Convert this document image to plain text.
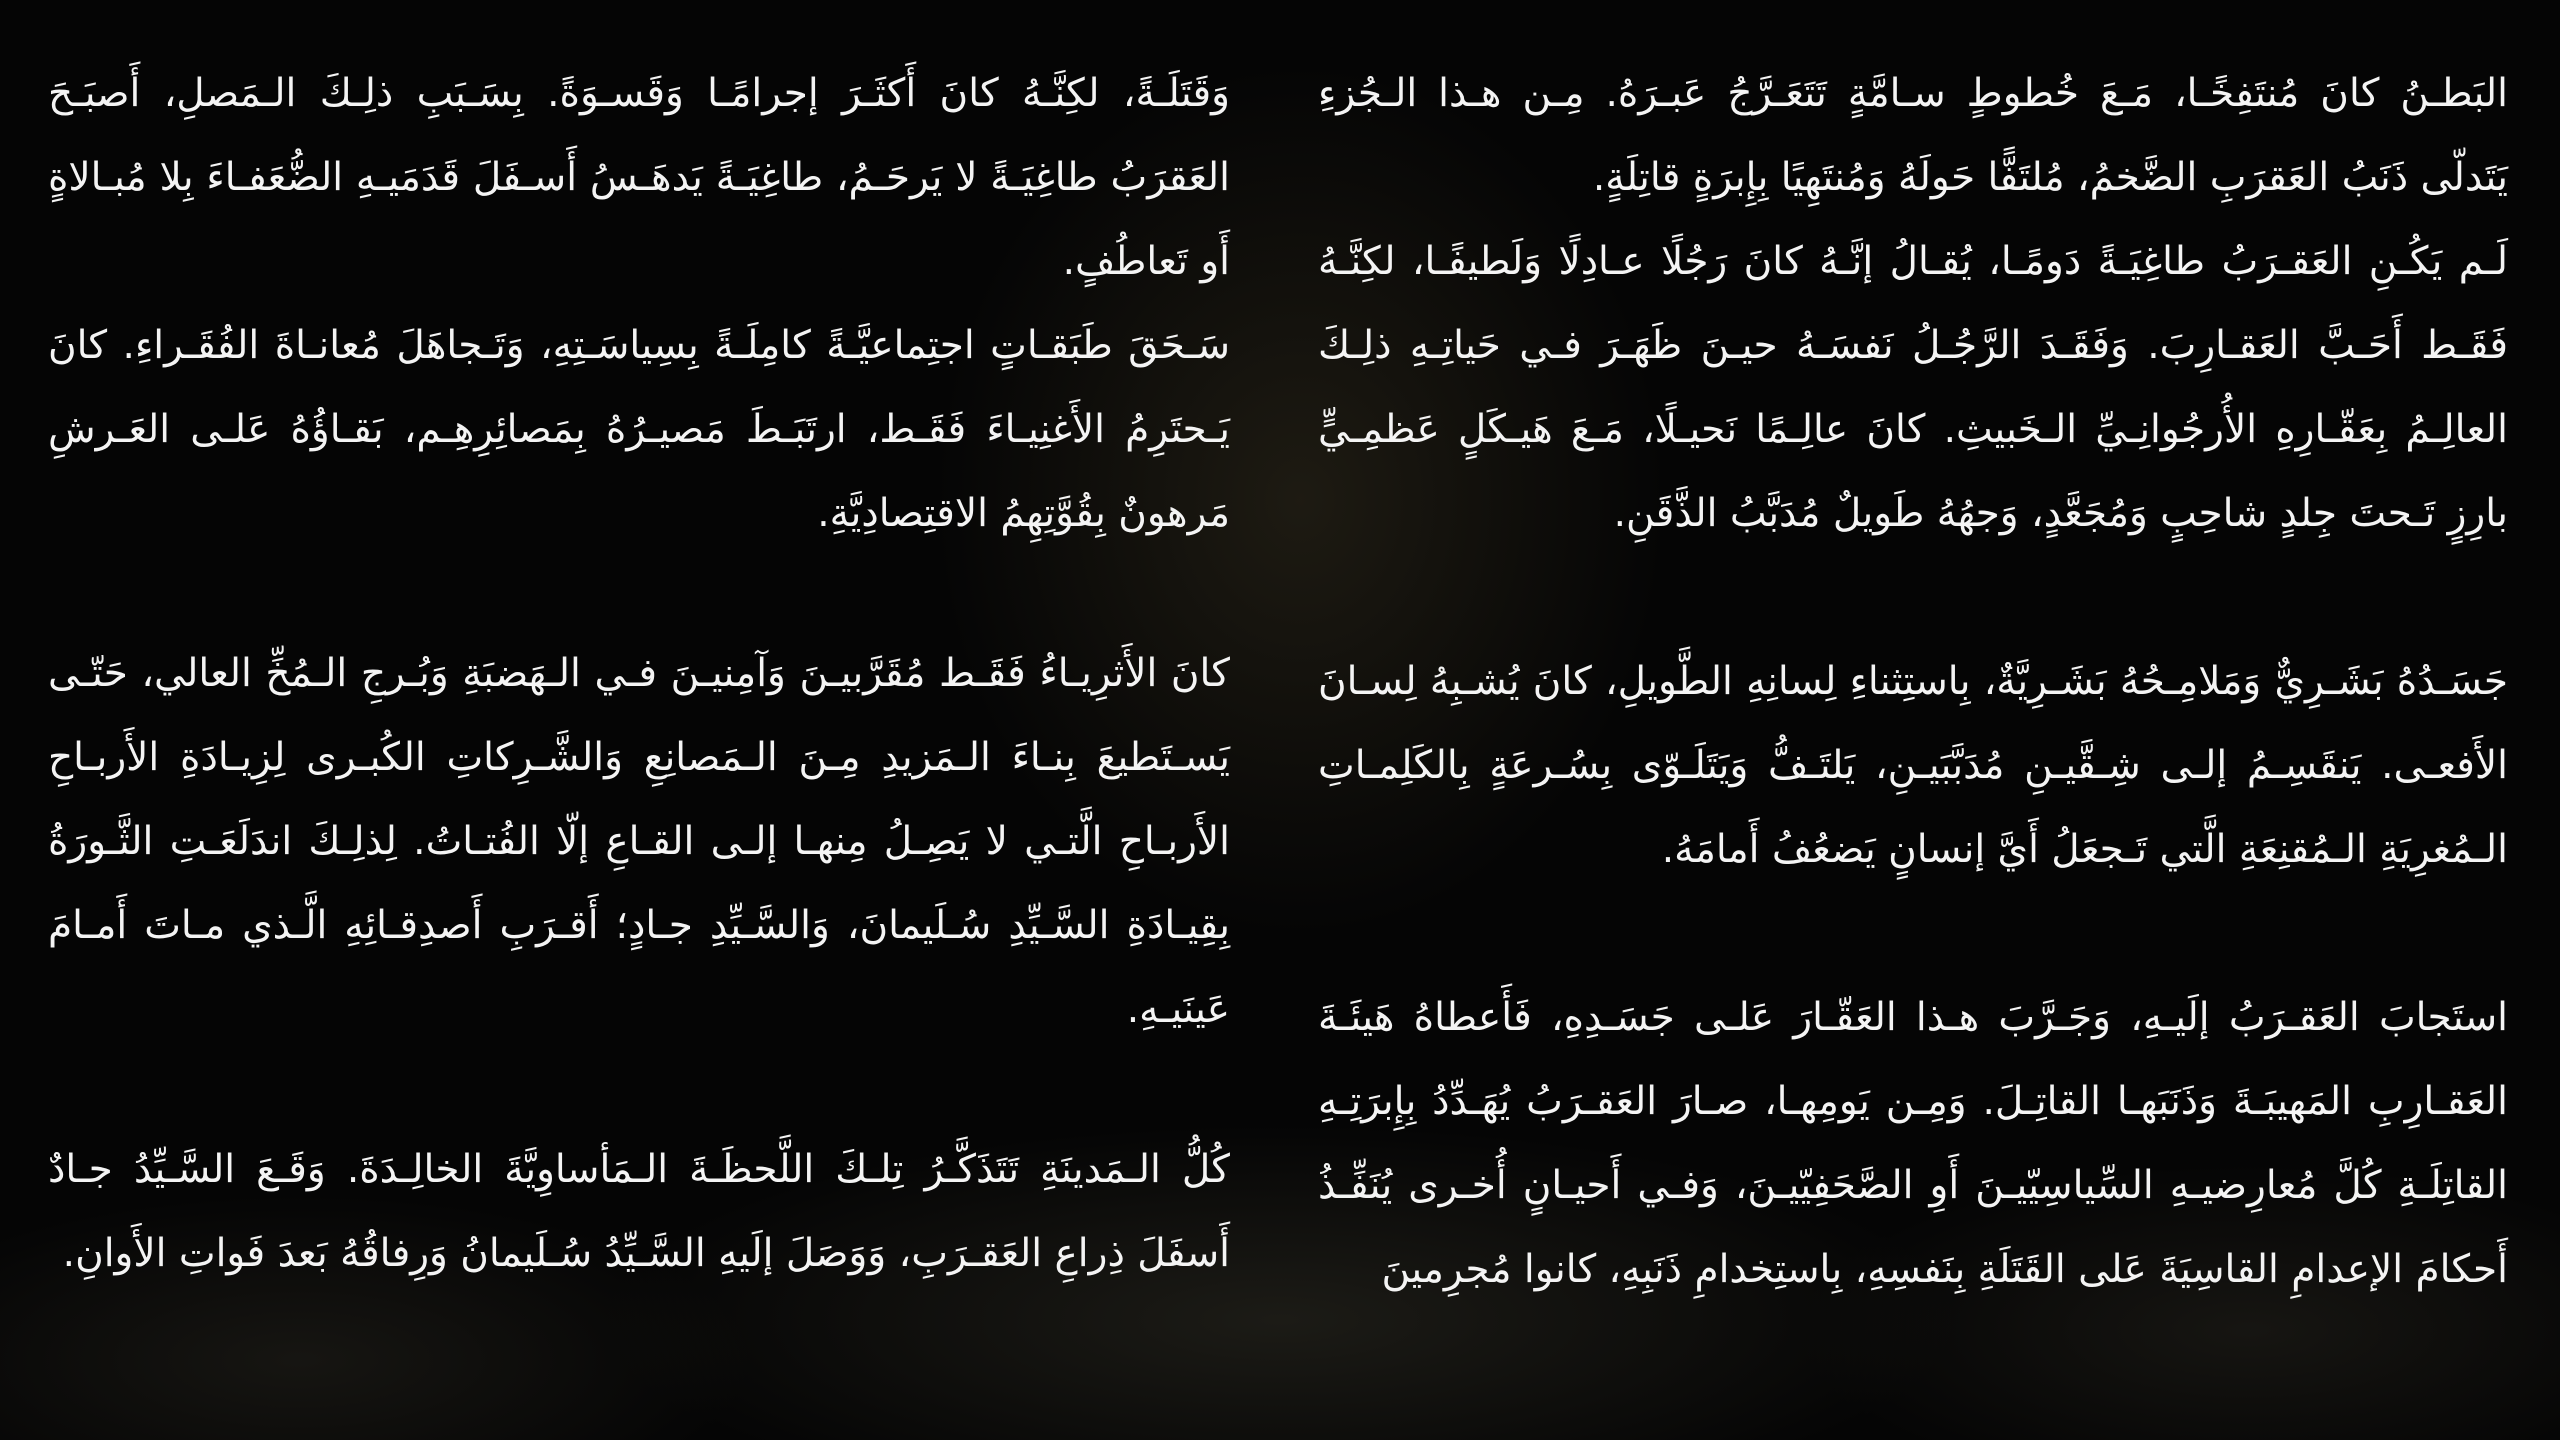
البَطـنُ كانَ مُنتَفِخًـا، مَـعَ خُطوطٍ سـامَّةٍ تَتَعَـرَّجُ عَبـرَهُ. مِـن هـذا الـجُزءِ يَتَدلّى ذَنَبُ العَقرَبِ الضَّخمُ، مُلتَفًّا حَولَهُ وَمُنتَهِيًا بِإِبرَةٍ قاتِلَةٍ.

لَـم يَكُـنِ العَقـرَبُ طاغِيَـةً دَومًـا، يُقـالُ إنَّـهُ كانَ رَجُلًا عـادِلًا وَلَطيفًـا، لكِنَّـهُ فَقَـط أَحَـبَّ العَقـارِبَ. وَفَقَـدَ الرَّجُـلُ نَفسَـهُ حيـنَ ظَهَـرَ فـي حَياتِـهِ ذلِـكَ العالِـمُ بِعَقّـارِهِ الأُرجُوانِـيِّ الـخَبيثِ. كانَ عالِـمًا نَحيـلًا، مَـعَ هَيـكَلٍ عَظمِـيٍّ بارِزٍ تَـحتَ جِلدٍ شاحِبٍ وَمُجَعَّدٍ، وَجهُهُ طَويلٌ مُدَبَّبُ الذَّقَنِ.

جَسَـدُهُ بَشَـرِيٌّ وَمَلامِـحُهُ بَشَـرِيَّةٌ، بِاستِثناءِ لِسانِهِ الطَّويلِ، كانَ يُشـبِهُ لِسـانَ الأَفعـى. يَنقَسِـمُ إلـى شِـقَّيـنِ مُدَبَّبَيـنِ، يَلتَـفُّ وَيَتَلَـوّى بِسُـرعَةٍ بِالكَلِمـاتِ الـمُغرِيَةِ الـمُقنِعَةِ الَّتي تَـجعَلُ أَيَّ إنسانٍ يَضعُفُ أَمامَهُ.

استَجابَ العَقـرَبُ إلَيـهِ، وَجَـرَّبَ هـذا العَقّـارَ عَلـى جَسَـدِهِ، فَأَعطاهُ هَيئَـةَ العَقـارِبِ المَهيبَـةَ وَذَنَبَهـا القاتِـلَ. وَمِـن يَومِهـا، صـارَ العَقـرَبُ يُهَـدِّدُ بِإِبرَتِـهِ القاتِلَـةِ كُلَّ مُعارِضيـهِ السِّياسِيّيـنَ أَوِ الصَّحَفِيّيـنَ، وَفـي أَحيـانٍ أُخـرى يُنَفِّـذُ أَحكامَ الإعدامِ القاسِيَةَ عَلى القَتَلَةِ بِنَفسِهِ، بِاستِخدامِ ذَنَبِهِ، كانوا مُجرِمينَ

وَقَتَلَـةً، لكِنَّـهُ كانَ أَكثَـرَ إجرامًـا وَقَسـوَةً. بِسَـبَبِ ذلِـكَ الـمَصلِ، أَصبَـحَ العَقرَبُ طاغِيَـةً لا يَرحَـمُ، طاغِيَـةً يَدهَـسُ أَسـفَلَ قَدَمَيـهِ الضُّعَفـاءَ بِلا مُبـالاةٍ أَو تَعاطُفٍ.

سَـحَقَ طَبَقـاتٍ اجتِماعيَّـةً كامِلَـةً بِسِياسَـتِهِ، وَتَـجاهَلَ مُعانـاةَ الفُقَـراءِ. كانَ يَـحتَرِمُ الأَغنِيـاءَ فَقَـط، ارتَبَـطَ مَصيـرُهُ بِمَصائِرِهِـم، بَقـاؤُهُ عَلـى العَـرشِ مَرهونٌ بِقُوَّتِهِمُ الاقتِصادِيَّةِ.

كانَ الأَثرِيـاءُ فَقَـط مُقَرَّبيـنَ وَآمِنيـنَ فـي الـهَضبَةِ وَبُـرجِ الـمُخِّ العالي، حَتّـى يَسـتَطيعَ بِنـاءَ الـمَزيدِ مِـنَ الـمَصانِعِ وَالشَّـرِكاتِ الكُبـرى لِزِيـادَةِ الأَربـاحِ الأَربـاحِ الَّتـي لا يَصِـلُ مِنهـا إلـى القـاعِ إلّا الفُتـاتُ. لِذلِـكَ اندَلَعَـتِ الثَّـورَةُ بِقِيـادَةِ السَّـيِّدِ سُـلَيمانَ، وَالسَّـيِّدِ جـادٍ؛ أَقـرَبِ أَصدِقـائِهِ الَّـذي مـاتَ أَمـامَ عَينَيـهِ.

كُلُّ الـمَدينَةِ تَتَذَكَّـرُ تِلـكَ اللَّحظَـةَ الـمَأساوِيَّةَ الخالِـدَةَ. وَقَـعَ السَّـيِّدُ جـادٌ أَسفَلَ ذِراعِ العَقـرَبِ، وَوَصَلَ إلَيهِ السَّـيِّدُ سُـلَيمانُ وَرِفاقُهُ بَعدَ فَواتِ الأَوانِ.
